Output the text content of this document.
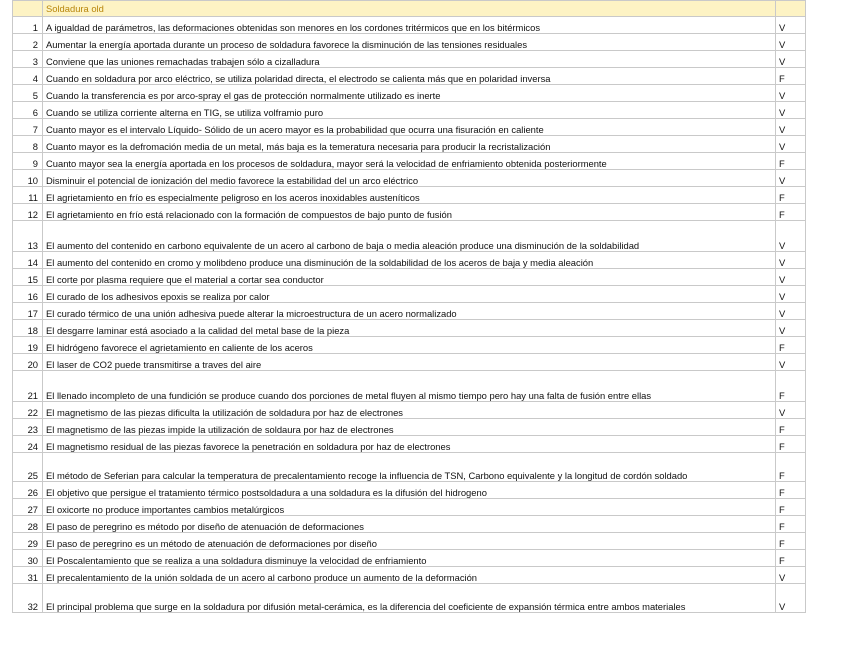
	Soldadura old	
1	A igualdad de parámetros, las deformaciones obtenidas son menores en los cordones tritérmicos que en los bitérmicos	V
2	Aumentar la energía aportada durante un proceso de soldadura favorece la disminución de las tensiones residuales	V
3	Conviene que las uniones remachadas trabajen sólo a cizalladura	V
4	Cuando en soldadura por arco eléctrico, se utiliza polaridad directa, el electrodo se calienta más que en polaridad inversa	F
5	Cuando la transferencia es por arco-spray el gas de protección normalmente utilizado es inerte	V
6	Cuando se utiliza corriente alterna en TIG, se utiliza volframio puro	V
7	Cuanto mayor es el intervalo Líquido- Sólido de un acero mayor es la probabilidad que ocurra una fisuración en caliente	V
8	Cuanto mayor es la defromación media de un metal, más baja es la temeratura necesaria para producir la recristalización	V
9	Cuanto mayor sea la energía aportada en los procesos de soldadura, mayor será la velocidad de enfriamiento obtenida posteriormente	F
10	Disminuir el potencial de ionización del medio favorece la estabilidad del un arco eléctrico	V
11	El agrietamiento en frío es especialmente peligroso en los aceros inoxidables austeníticos	F
12	El agrietamiento en frío está relacionado con la formación de compuestos de bajo punto de fusión	F
13	El aumento del contenido en carbono equivalente de un acero al carbono de baja o media aleación produce una disminución de la soldabilidad	V
14	El aumento del contenido en cromo y molibdeno produce una disminución de la soldabilidad de los aceros de baja y media aleación	V
15	El corte por plasma requiere que el material a cortar sea conductor	V
16	El curado de los adhesivos epoxis se realiza por calor	V
17	El curado térmico de una unión adhesiva puede alterar la microestructura de un acero normalizado	V
18	El desgarre laminar está asociado a la calidad del metal base de la pieza	V
19	El hidrógeno favorece el agrietamiento en caliente de los aceros	F
20	El laser de CO2 puede transmitirse a traves del aire	V
21	El llenado incompleto de una fundición se produce cuando dos porciones de metal fluyen al mismo tiempo pero hay una falta de fusión entre ellas	F
22	El magnetismo de las piezas dificulta la utilización de soldadura por haz de electrones	V
23	El magnetismo de las piezas impide la utilización de soldaura por haz de electrones	F
24	El magnetismo residual de las piezas favorece la penetración en soldadura por haz de electrones	F
25	El método de Seferian para calcular la temperatura de precalentamiento recoge la influencia de TSN, Carbono equivalente y la longitud de cordón soldado	F
26	El objetivo que persigue el tratamiento térmico postsoldadura a una soldadura es la difusión del hidrogeno	F
27	El oxicorte no produce importantes cambios metalúrgicos	F
28	El paso de peregrino es método por diseño de atenuación de deformaciones	F
29	El paso de peregrino es un método de atenuación de deformaciones por diseño	F
30	El Poscalentamiento que se realiza a una soldadura disminuye la velocidad de enfriamiento	F
31	El precalentamiento de la unión soldada de un acero al carbono produce un aumento de la deformación	V
32	El principal problema que surge en la soldadura por difusión metal-cerámica, es la diferencia del coeficiente de expansión térmica entre ambos materiales	V
